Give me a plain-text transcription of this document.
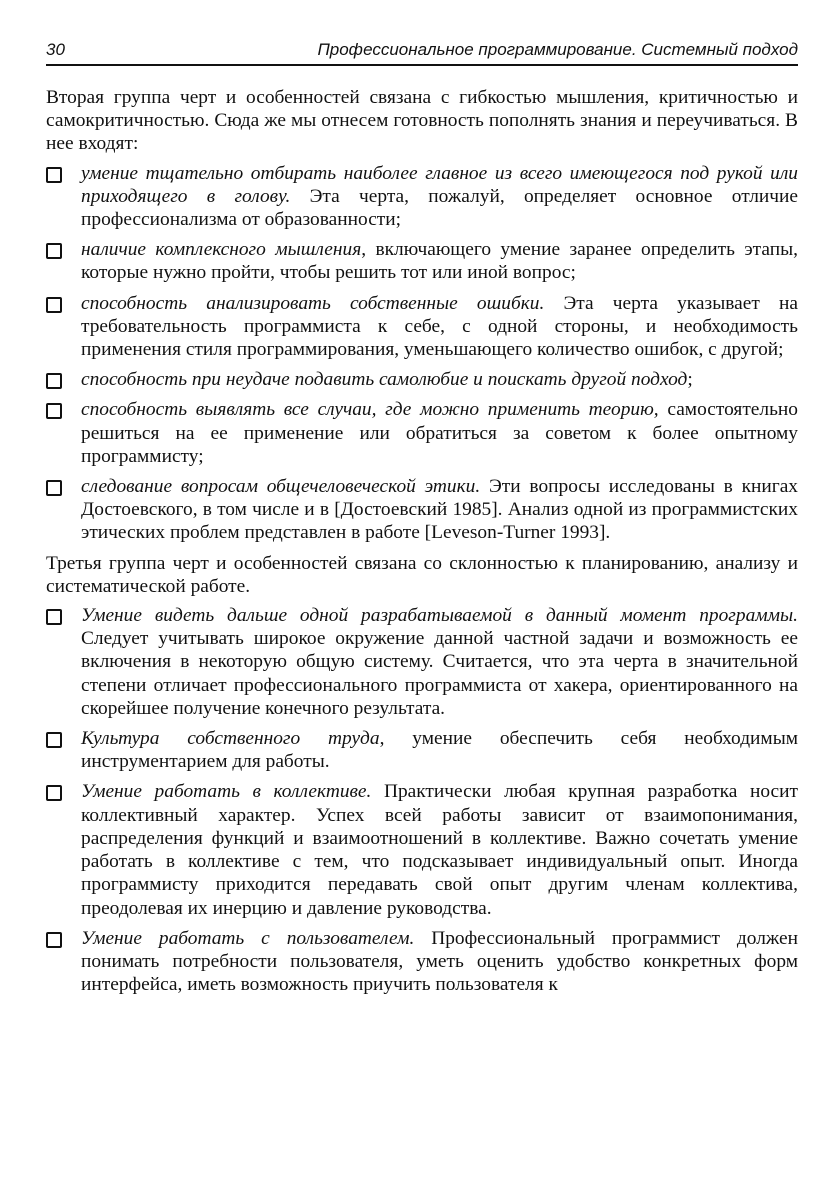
30	Профессиональное программирование. Системный подход

Вторая группа черт и особенностей связана с гибкостью мышления, критичностью и самокритичностью. Сюда же мы отнесем готовность пополнять знания и переучиваться. В нее входят:

умение тщательно отбирать наиболее главное из всего имеющегося под рукой или приходящего в голову. Эта черта, пожалуй, определяет основное отличие профессионализма от образованности;
наличие комплексного мышления, включающего умение заранее определить этапы, которые нужно пройти, чтобы решить тот или иной вопрос;
способность анализировать собственные ошибки. Эта черта указывает на требовательность программиста к себе, с одной стороны, и необходимость применения стиля программирования, уменьшающего количество ошибок, с другой;
способность при неудаче подавить самолюбие и поискать другой подход;
способность выявлять все случаи, где можно применить теорию, самостоятельно решиться на ее применение или обратиться за советом к более опытному программисту;
следование вопросам общечеловеческой этики. Эти вопросы исследованы в книгах Достоевского, в том числе и в [Достоевский 1985]. Анализ одной из программистских этических проблем представлен в работе [Leveson-Turner 1993].

Третья группа черт и особенностей связана со склонностью к планированию, анализу и систематической работе.

Умение видеть дальше одной разрабатываемой в данный момент программы. Следует учитывать широкое окружение данной частной задачи и возможность ее включения в некоторую общую систему. Считается, что эта черта в значительной степени отличает профессионального программиста от хакера, ориентированного на скорейшее получение конечного результата.
Культура собственного труда, умение обеспечить себя необходимым инструментарием для работы.
Умение работать в коллективе. Практически любая крупная разработка носит коллективный характер. Успех всей работы зависит от взаимопонимания, распределения функций и взаимоотношений в коллективе. Важно сочетать умение работать в коллективе с тем, что подсказывает индивидуальный опыт. Иногда программисту приходится передавать свой опыт другим членам коллектива, преодолевая их инерцию и давление руководства.
Умение работать с пользователем. Профессиональный программист должен понимать потребности пользователя, уметь оценить удобство конкретных форм интерфейса, иметь возможность приучить пользователя к
